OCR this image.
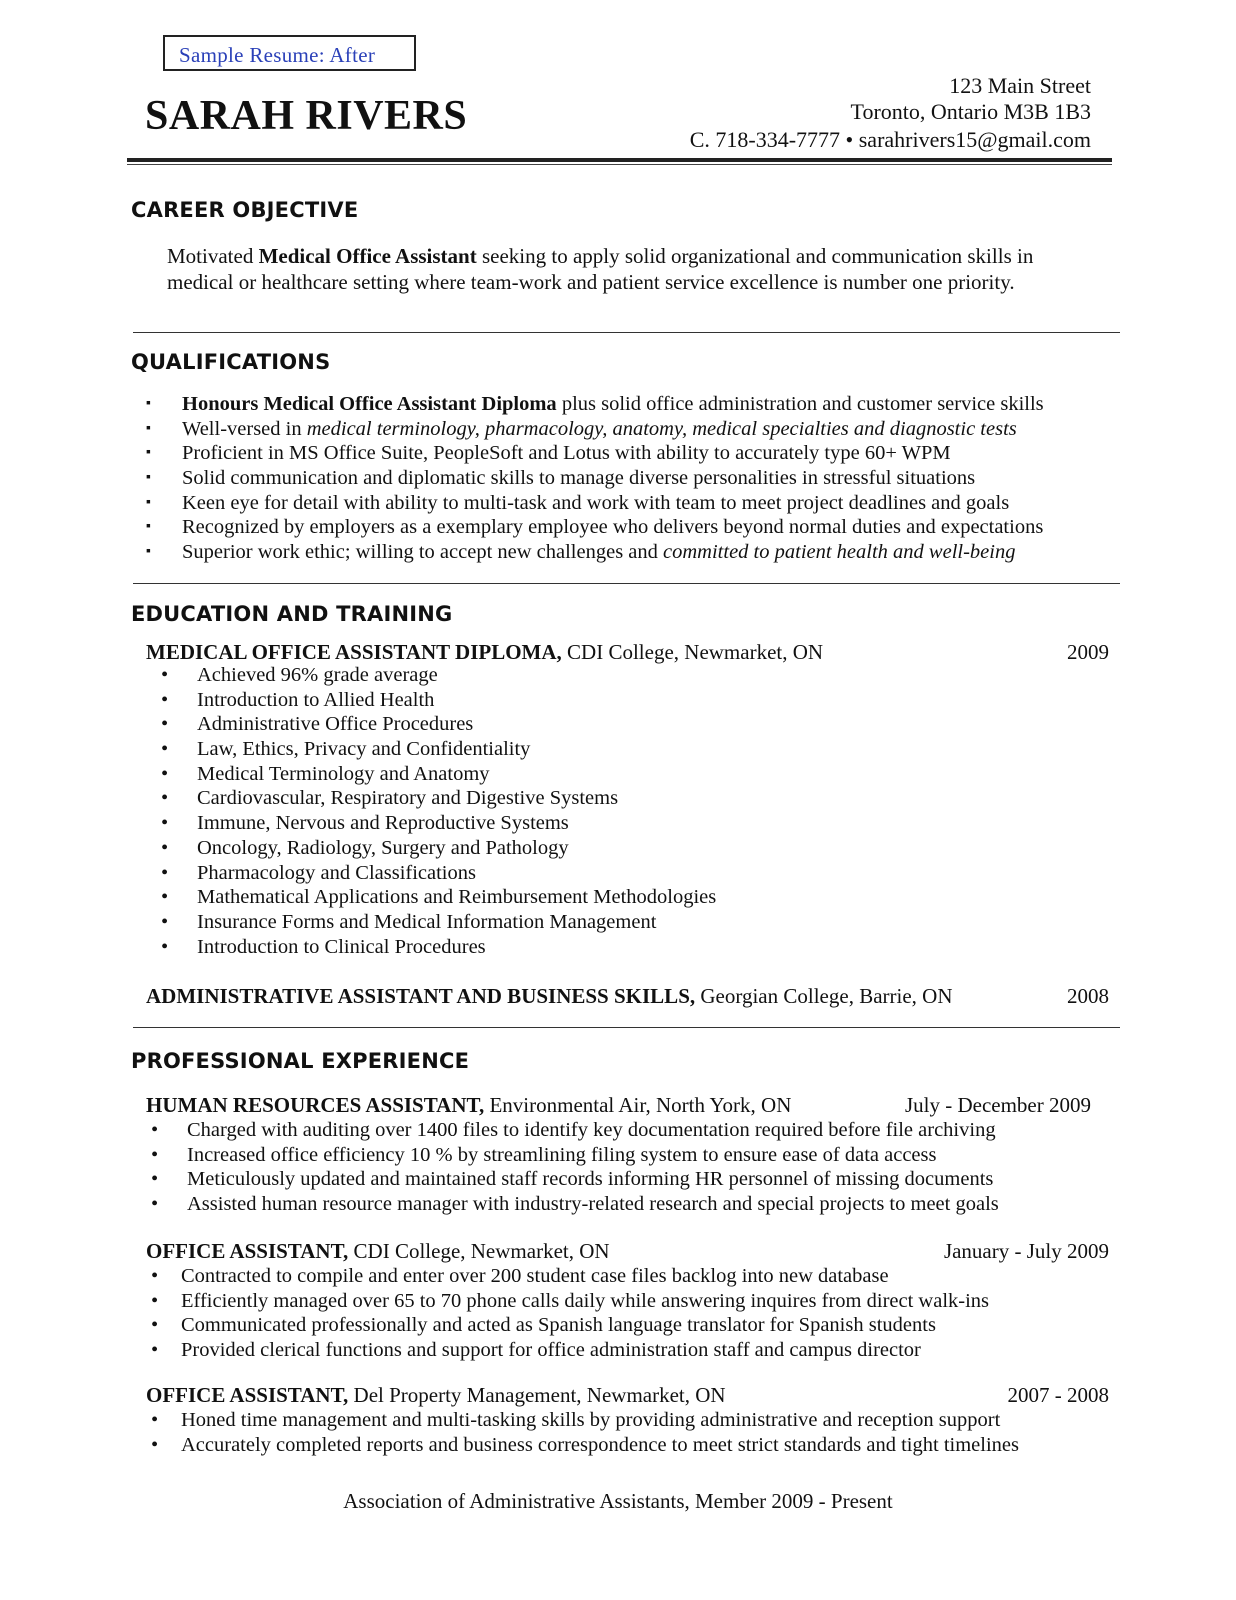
Sample Resume: After
SARAH RIVERS
123 Main Street
Toronto, Ontario M3B 1B3
C. 718-334-7777 • sarahrivers15@gmail.com
CAREER OBJECTIVE
Motivated Medical Office Assistant seeking to apply solid organizational and communication skills in
medical or healthcare setting where team-work and patient service excellence is number one priority.
QUALIFICATIONS
▪ Honours Medical Office Assistant Diploma plus solid office administration and customer service skills
▪ Well-versed in medical terminology, pharmacology, anatomy, medical specialties and diagnostic tests
▪ Proficient in MS Office Suite, PeopleSoft and Lotus with ability to accurately type 60+ WPM
▪ Solid communication and diplomatic skills to manage diverse personalities in stressful situations
▪ Keen eye for detail with ability to multi-task and work with team to meet project deadlines and goals
▪ Recognized by employers as a exemplary employee who delivers beyond normal duties and expectations
▪ Superior work ethic; willing to accept new challenges and committed to patient health and well-being
EDUCATION AND TRAINING
MEDICAL OFFICE ASSISTANT DIPLOMA, CDI College, Newmarket, ON	2009
• Achieved 96% grade average
• Introduction to Allied Health
• Administrative Office Procedures
• Law, Ethics, Privacy and Confidentiality
• Medical Terminology and Anatomy
• Cardiovascular, Respiratory and Digestive Systems
• Immune, Nervous and Reproductive Systems
• Oncology, Radiology, Surgery and Pathology
• Pharmacology and Classifications
• Mathematical Applications and Reimbursement Methodologies
• Insurance Forms and Medical Information Management
• Introduction to Clinical Procedures
ADMINISTRATIVE ASSISTANT AND BUSINESS SKILLS, Georgian College, Barrie, ON	2008
PROFESSIONAL EXPERIENCE
HUMAN RESOURCES ASSISTANT, Environmental Air, North York, ON	July - December 2009
• Charged with auditing over 1400 files to identify key documentation required before file archiving
• Increased office efficiency 10 % by streamlining filing system to ensure ease of data access
• Meticulously updated and maintained staff records informing HR personnel of missing documents
• Assisted human resource manager with industry-related research and special projects to meet goals
OFFICE ASSISTANT, CDI College, Newmarket, ON	January - July 2009
• Contracted to compile and enter over 200 student case files backlog into new database
• Efficiently managed over 65 to 70 phone calls daily while answering inquires from direct walk-ins
• Communicated professionally and acted as Spanish language translator for Spanish students
• Provided clerical functions and support for office administration staff and campus director
OFFICE ASSISTANT, Del Property Management, Newmarket, ON	2007 - 2008
• Honed time management and multi-tasking skills by providing administrative and reception support
• Accurately completed reports and business correspondence to meet strict standards and tight timelines
Association of Administrative Assistants, Member 2009 - Present
